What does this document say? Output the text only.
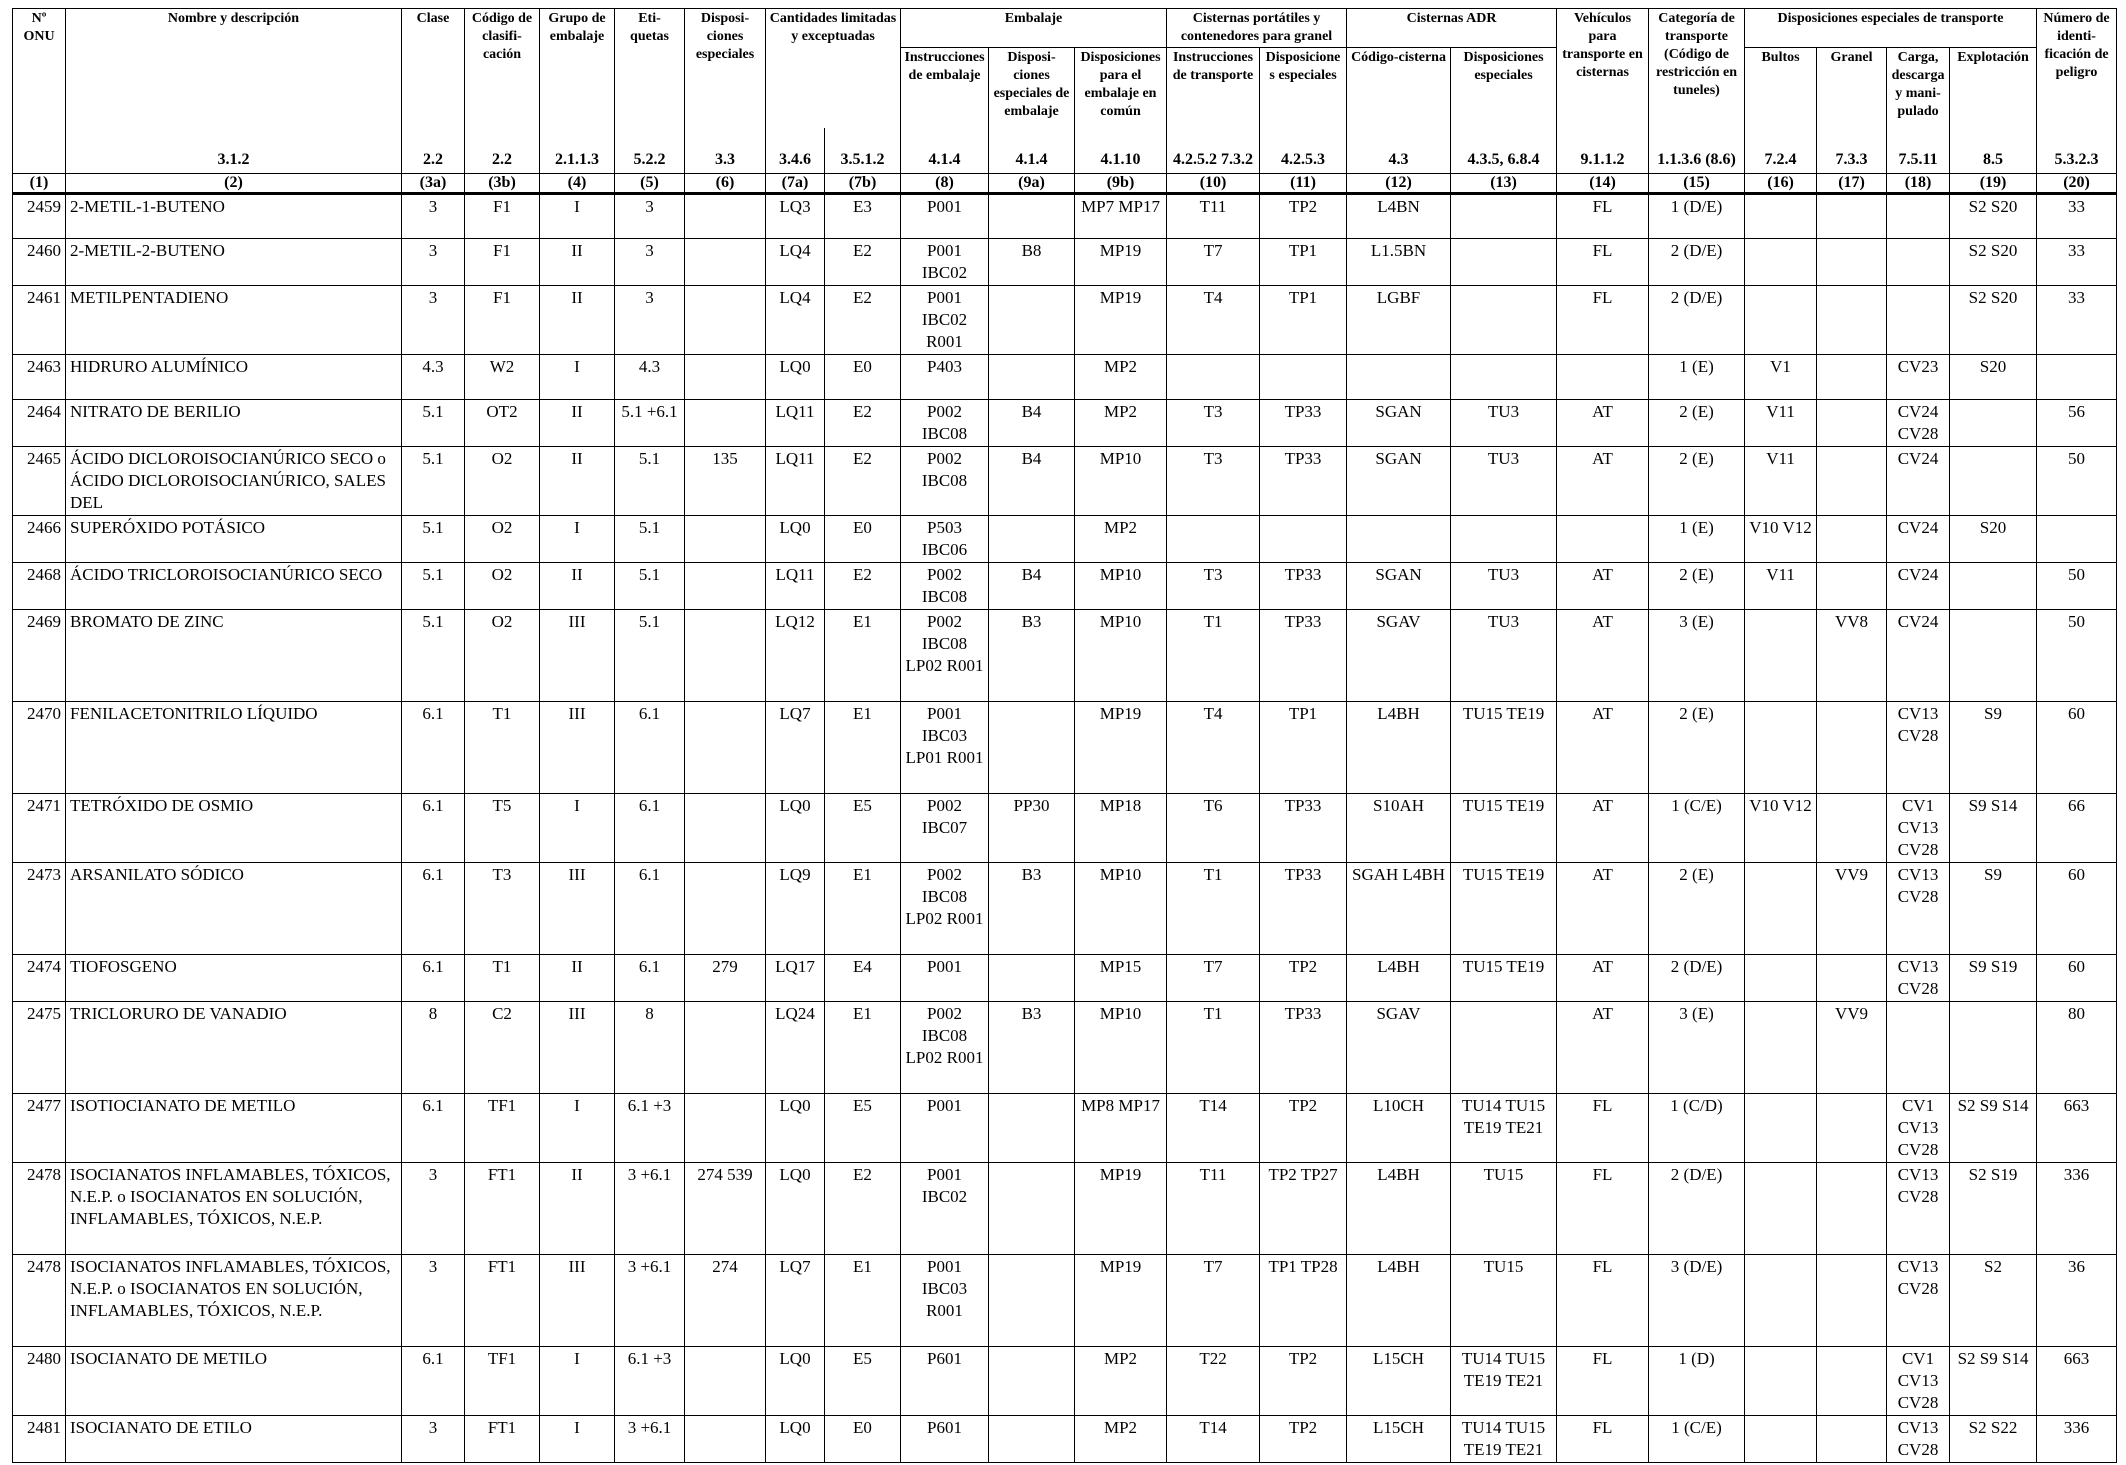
Nº ONU	Nombre y descripción	Clase	Código de clasifi- cación	Grupo de embalaje	Eti- quetas	Disposi- ciones especiales	Cantidades limitadas y exceptuadas		Embalaje			Cisternas portátiles y contenedores para granel		Cisternas ADR		Vehículos para transporte en cisternas	Categoría de transporte (Código de restricción en tuneles)	Disposiciones especiales de transporte				Número de identi- ficación de peligro
									Instrucciones de embalaje	Disposi- ciones especiales de embalaje	Disposiciones para el embalaje en común	Instrucciones de transporte	Disposicione s especiales	Código-cisterna	Disposiciones especiales			Bultos	Granel	Carga, descarga y mani- pulado	Explotación	
	3.1.2	2.2	2.2	2.1.1.3	5.2.2	3.3	3.4.6	3.5.1.2	4.1.4	4.1.4	4.1.10	4.2.5.2 7.3.2	4.2.5.3	4.3	4.3.5, 6.8.4	9.1.1.2	1.1.3.6 (8.6)	7.2.4	7.3.3	7.5.11	8.5	5.3.2.3
(1)	(2)	(3a)	(3b)	(4)	(5)	(6)	(7a)	(7b)	(8)	(9a)	(9b)	(10)	(11)	(12)	(13)	(14)	(15)	(16)	(17)	(18)	(19)	(20)
2459	2-METIL-1-BUTENO	3	F1	I	3		LQ3	E3	P001		MP7 MP17	T11	TP2	L4BN		FL	1 (D/E)				S2 S20	33
2460	2-METIL-2-BUTENO	3	F1	II	3		LQ4	E2	P001 IBC02	B8	MP19	T7	TP1	L1.5BN		FL	2 (D/E)				S2 S20	33
2461	METILPENTADIENO	3	F1	II	3		LQ4	E2	P001 IBC02 R001		MP19	T4	TP1	LGBF		FL	2 (D/E)				S2 S20	33
2463	HIDRURO ALUMÍNICO	4.3	W2	I	4.3		LQ0	E0	P403		MP2						1 (E)	V1		CV23	S20	
2464	NITRATO DE BERILIO	5.1	OT2	II	5.1 +6.1		LQ11	E2	P002 IBC08	B4	MP2	T3	TP33	SGAN	TU3	AT	2 (E)	V11		CV24 CV28		56
2465	ÁCIDO DICLOROISOCIANÚRICO SECO o ÁCIDO DICLOROISOCIANÚRICO, SALES DEL	5.1	O2	II	5.1	135	LQ11	E2	P002 IBC08	B4	MP10	T3	TP33	SGAN	TU3	AT	2 (E)	V11		CV24		50
2466	SUPERÓXIDO POTÁSICO	5.1	O2	I	5.1		LQ0	E0	P503 IBC06		MP2						1 (E)	V10 V12		CV24	S20	
2468	ÁCIDO TRICLOROISOCIANÚRICO SECO	5.1	O2	II	5.1		LQ11	E2	P002 IBC08	B4	MP10	T3	TP33	SGAN	TU3	AT	2 (E)	V11		CV24		50
2469	BROMATO DE ZINC	5.1	O2	III	5.1		LQ12	E1	P002 IBC08 LP02 R001	B3	MP10	T1	TP33	SGAV	TU3	AT	3 (E)		VV8	CV24		50
2470	FENILACETONITRILO LÍQUIDO	6.1	T1	III	6.1		LQ7	E1	P001 IBC03 LP01 R001		MP19	T4	TP1	L4BH	TU15 TE19	AT	2 (E)			CV13 CV28	S9	60
2471	TETRÓXIDO DE OSMIO	6.1	T5	I	6.1		LQ0	E5	P002 IBC07	PP30	MP18	T6	TP33	S10AH	TU15 TE19	AT	1 (C/E)	V10 V12		CV1 CV13 CV28	S9 S14	66
2473	ARSANILATO SÓDICO	6.1	T3	III	6.1		LQ9	E1	P002 IBC08 LP02 R001	B3	MP10	T1	TP33	SGAH L4BH	TU15 TE19	AT	2 (E)		VV9	CV13 CV28	S9	60
2474	TIOFOSGENO	6.1	T1	II	6.1	279	LQ17	E4	P001		MP15	T7	TP2	L4BH	TU15 TE19	AT	2 (D/E)			CV13 CV28	S9 S19	60
2475	TRICLORURO DE VANADIO	8	C2	III	8		LQ24	E1	P002 IBC08 LP02 R001	B3	MP10	T1	TP33	SGAV		AT	3 (E)		VV9			80
2477	ISOTIOCIANATO DE METILO	6.1	TF1	I	6.1 +3		LQ0	E5	P001		MP8 MP17	T14	TP2	L10CH	TU14 TU15 TE19 TE21	FL	1 (C/D)			CV1 CV13 CV28	S2 S9 S14	663
2478	ISOCIANATOS INFLAMABLES, TÓXICOS, N.E.P. o ISOCIANATOS EN SOLUCIÓN, INFLAMABLES, TÓXICOS, N.E.P.	3	FT1	II	3 +6.1	274 539	LQ0	E2	P001 IBC02		MP19	T11	TP2 TP27	L4BH	TU15	FL	2 (D/E)			CV13 CV28	S2 S19	336
2478	ISOCIANATOS INFLAMABLES, TÓXICOS, N.E.P. o ISOCIANATOS EN SOLUCIÓN, INFLAMABLES, TÓXICOS, N.E.P.	3	FT1	III	3 +6.1	274	LQ7	E1	P001 IBC03 R001		MP19	T7	TP1 TP28	L4BH	TU15	FL	3 (D/E)			CV13 CV28	S2	36
2480	ISOCIANATO DE METILO	6.1	TF1	I	6.1 +3		LQ0	E5	P601		MP2	T22	TP2	L15CH	TU14 TU15 TE19 TE21	FL	1 (D)			CV1 CV13 CV28	S2 S9 S14	663
2481	ISOCIANATO DE ETILO	3	FT1	I	3 +6.1		LQ0	E0	P601		MP2	T14	TP2	L15CH	TU14 TU15 TE19 TE21	FL	1 (C/E)			CV13 CV28	S2 S22	336
